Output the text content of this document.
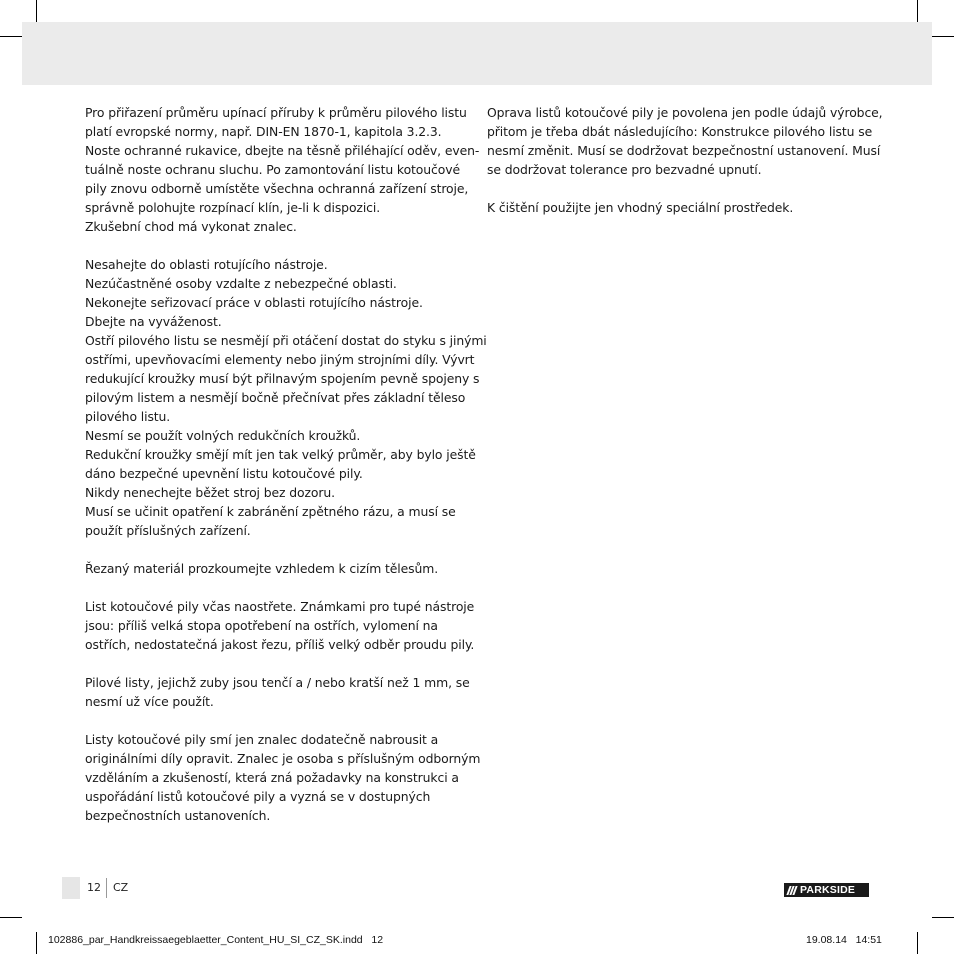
Pro přiřazení průměru upínací příruby k průměru pilového listu
platí evropské normy, např. DIN-EN 1870-1, kapitola 3.2.3.
Noste ochranné rukavice, dbejte na těsně přiléhající oděv, even-
tuálně noste ochranu sluchu. Po zamontování listu kotoučové
pily znovu odborně umístěte všechna ochranná zařízení stroje,
správně polohujte rozpínací klín, je-li k dispozici.
Zkušební chod má vykonat znalec.
Nesahejte do oblasti rotujícího nástroje.
Nezúčastněné osoby vzdalte z nebezpečné oblasti.
Nekonejte seřizovací práce v oblasti rotujícího nástroje.
Dbejte na vyváženost.
Ostří pilového listu se nesmějí při otáčení dostat do styku s jinými
ostřími, upevňovacími elementy nebo jiným strojními díly. Vývrt
redukující kroužky musí být přilnavým spojením pevně spojeny s
pilovým listem a nesmějí bočně přečnívat přes základní těleso
pilového listu.
Nesmí se použít volných redukčních kroužků.
Redukční kroužky smějí mít jen tak velký průměr, aby bylo ještě
dáno bezpečné upevnění listu kotoučové pily.
Nikdy nenechejte běžet stroj bez dozoru.
Musí se učinit opatření k zabránění zpětného rázu, a musí se
použít příslušných zařízení.
Řezaný materiál prozkoumejte vzhledem k cizím tělesům.
List kotoučové pily včas naostřete. Známkami pro tupé nástroje
jsou: příliš velká stopa opotřebení na ostřích, vylomení na
ostřích, nedostatečná jakost řezu, příliš velký odběr proudu pily.
Pilové listy, jejichž zuby jsou tenčí a / nebo kratší než 1 mm, se
nesmí už více použít.
Listy kotoučové pily smí jen znalec dodatečně nabrousit a
originálními díly opravit. Znalec je osoba s příslušným odborným
vzděláním a zkušeností, která zná požadavky na konstrukci a
uspořádání listů kotoučové pily a vyzná se v dostupných
bezpečnostních ustanoveních.
Oprava listů kotoučové pily je povolena jen podle údajů výrobce,
přitom je třeba dbát následujícího: Konstrukce pilového listu se
nesmí změnit. Musí se dodržovat bezpečnostní ustanovení. Musí
se dodržovat tolerance pro bezvadné upnutí.
K čištění použijte jen vhodný speciální prostředek.
12 CZ	PARKSIDE
102886_par_Handkreissaegeblaetter_Content_HU_SI_CZ_SK.indd   12	19.08.14   14:51
